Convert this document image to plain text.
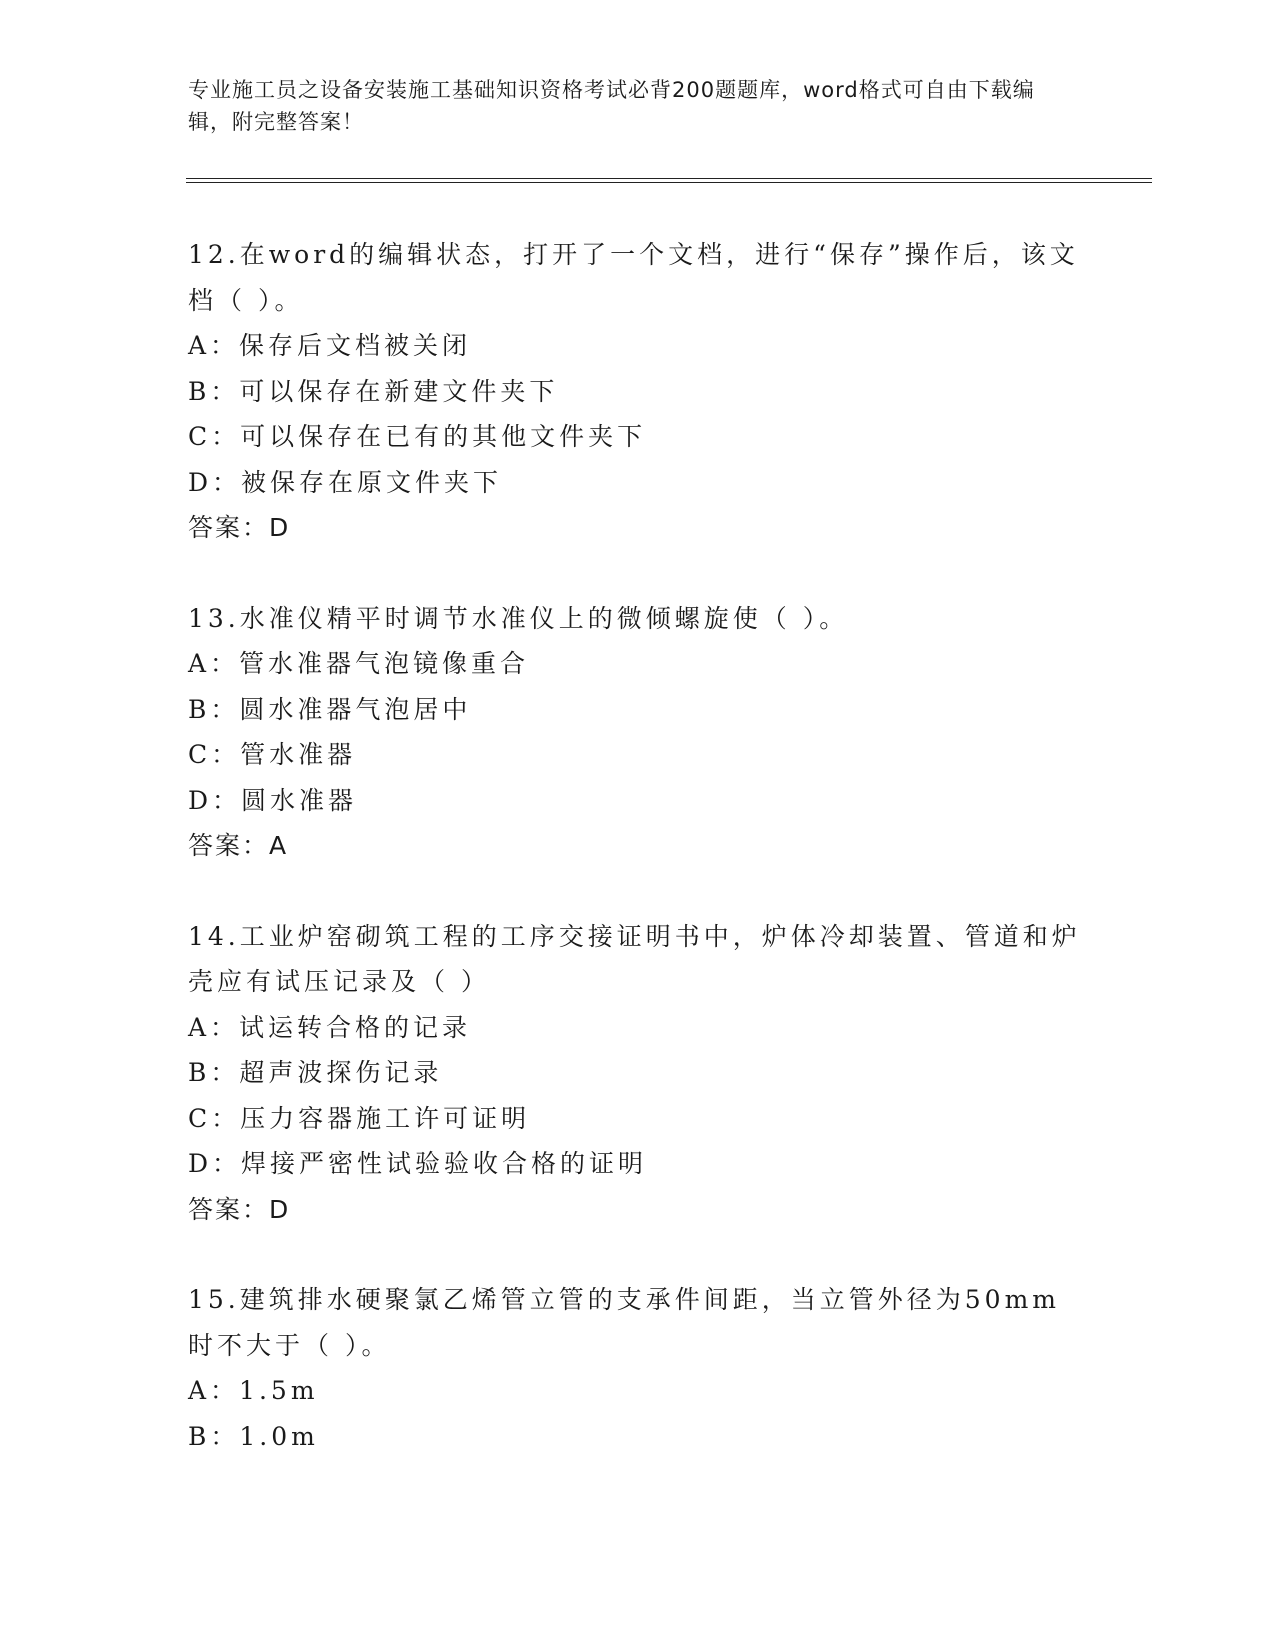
专业施工员之设备安装施工基础知识资格考试必背200题题库，word格式可自由下载编辑，附完整答案！

12.在word的编辑状态，打开了一个文档，进行“保存”操作后，该文档（ ）。

A：保存后文档被关闭

B：可以保存在新建文件夹下

C：可以保存在已有的其他文件夹下

D：被保存在原文件夹下

答案：D

13.水准仪精平时调节水准仪上的微倾螺旋使（ ）。

A：管水准器气泡镜像重合

B：圆水准器气泡居中

C：管水准器

D：圆水准器

答案：A

14.工业炉窑砌筑工程的工序交接证明书中，炉体冷却装置、管道和炉壳应有试压记录及（ ）

A：试运转合格的记录

B：超声波探伤记录

C：压力容器施工许可证明

D：焊接严密性试验验收合格的证明

答案：D

15.建筑排水硬聚氯乙烯管立管的支承件间距，当立管外径为50mm时不大于（ ）。

A：1.5m

B：1.0m
